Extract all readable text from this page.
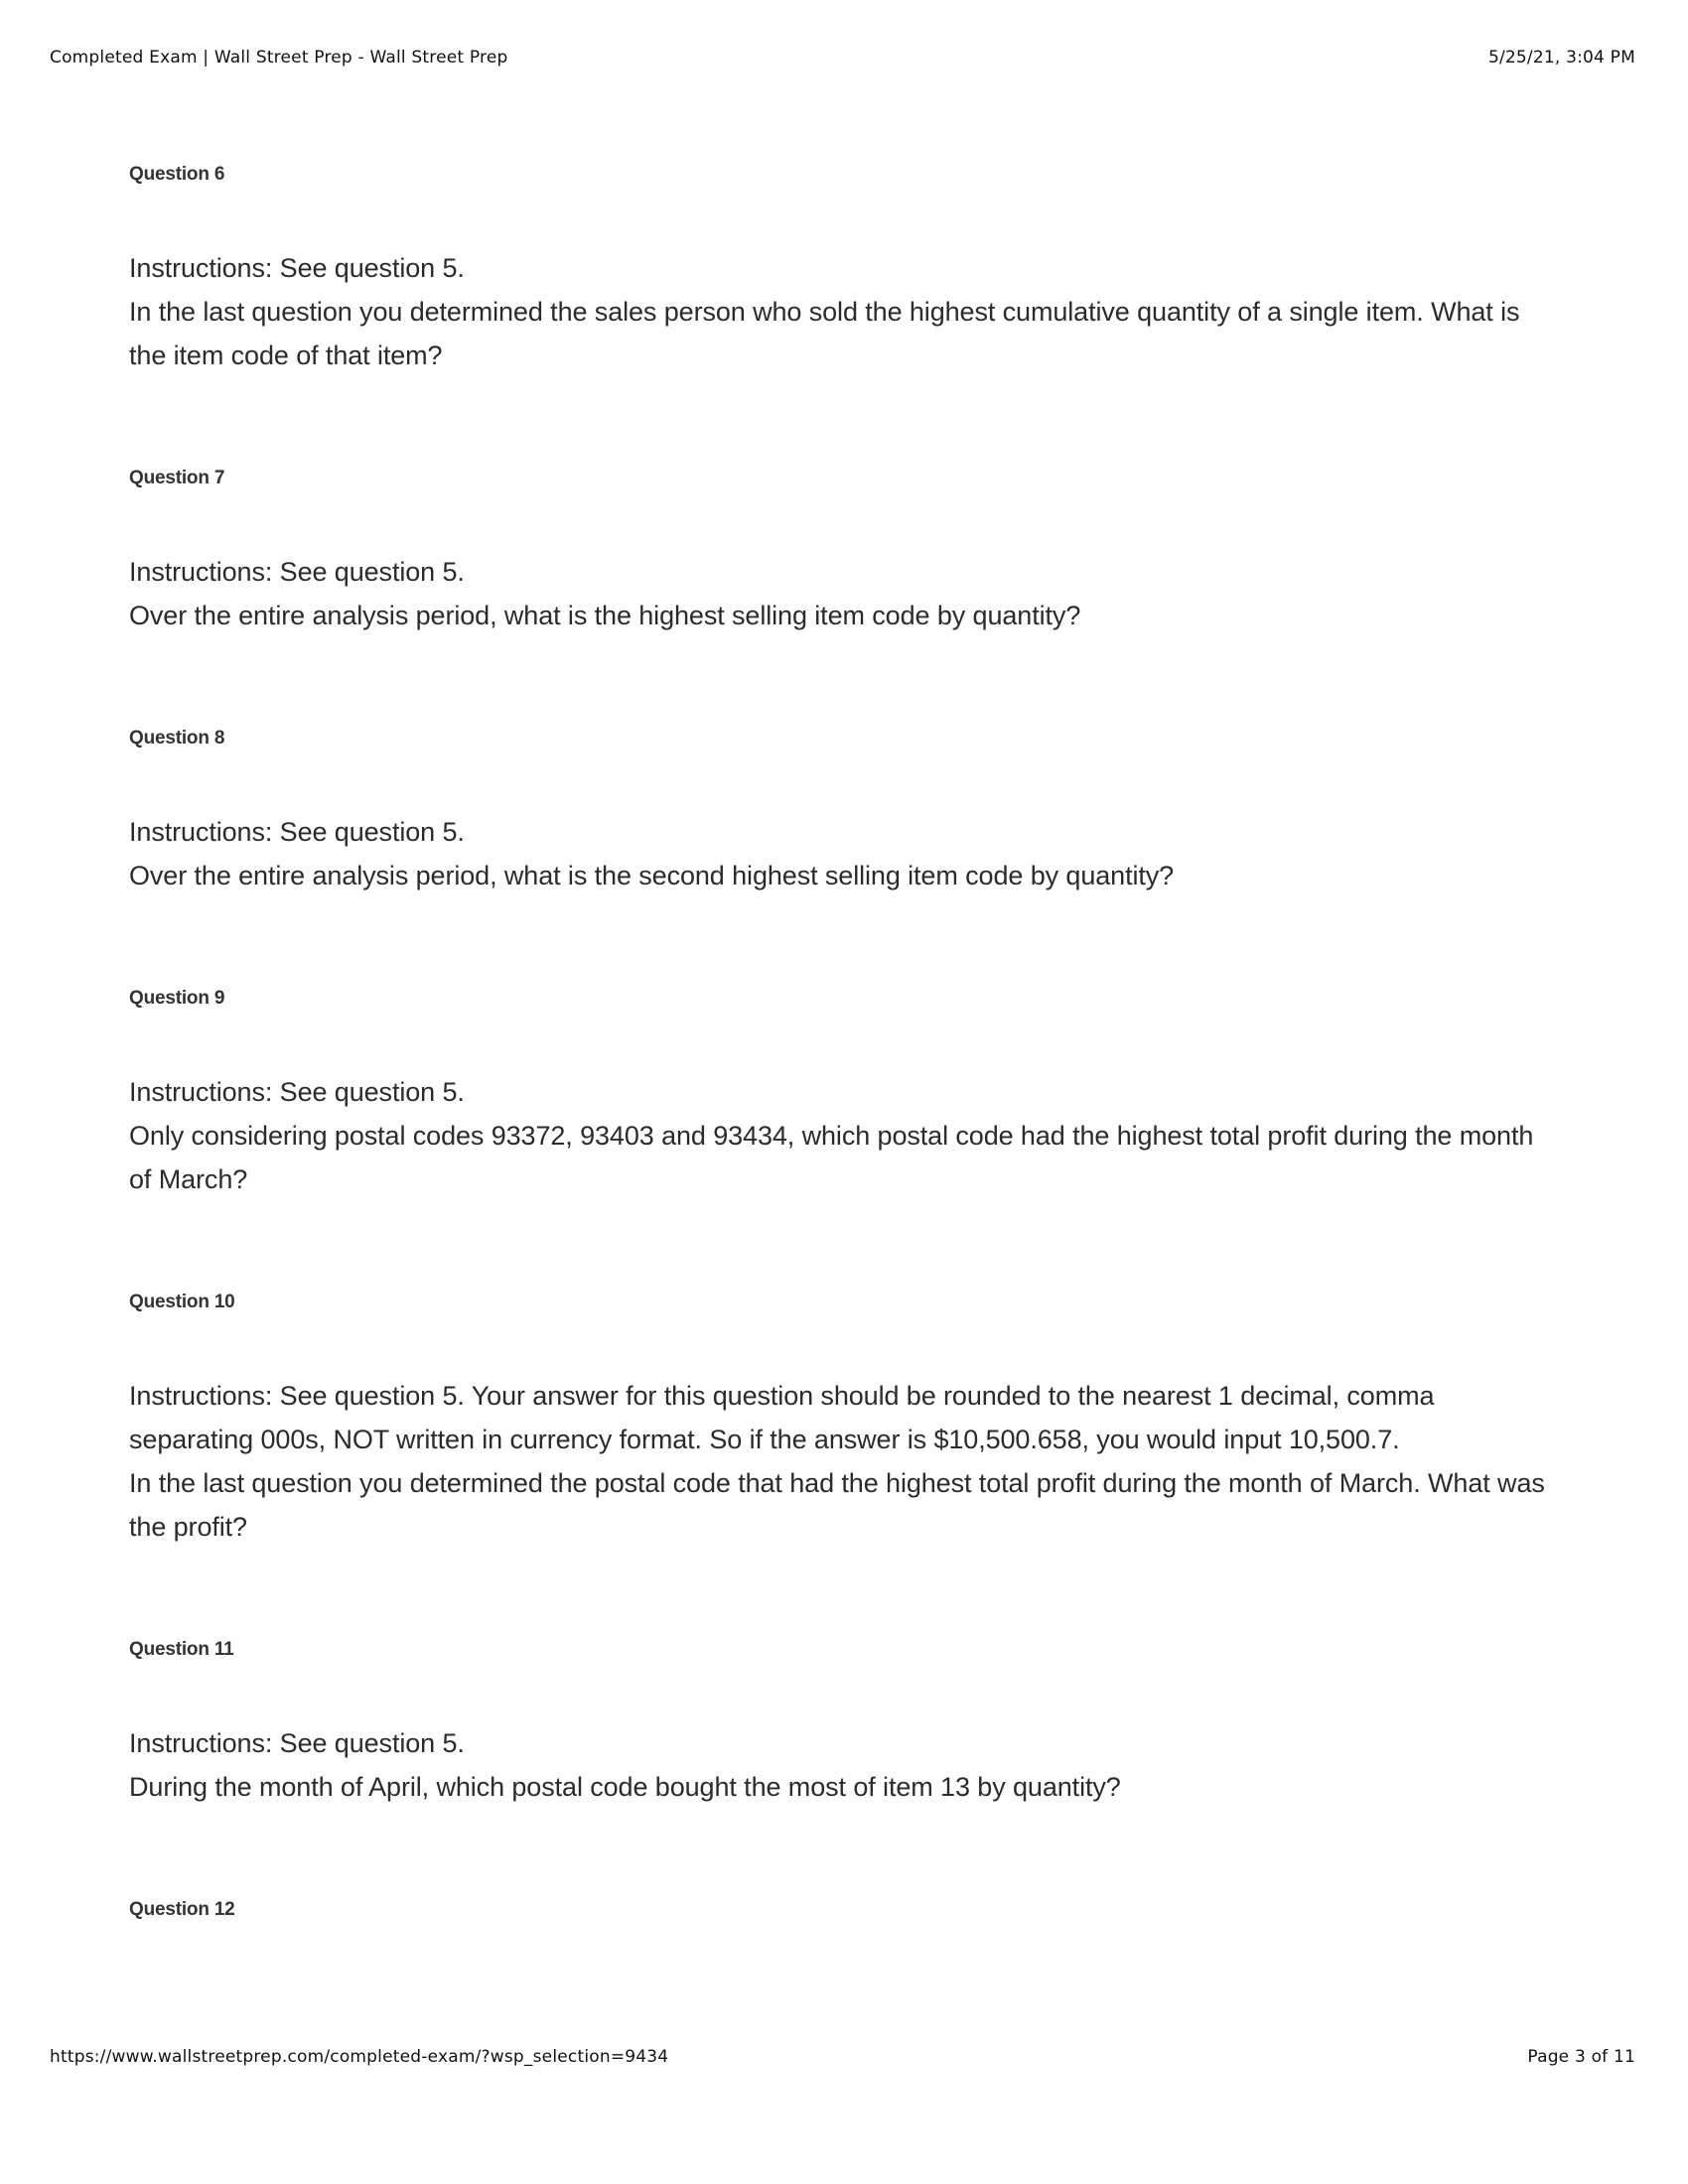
Completed Exam | Wall Street Prep - Wall Street Prep	5/25/21, 3:04 PM
Question 6

Instructions: See question 5.

In the last question you determined the sales person who sold the highest cumulative quantity of a single item. What is the item code of that item?

Question 7

Instructions: See question 5.

Over the entire analysis period, what is the highest selling item code by quantity?

Question 8

Instructions: See question 5.

Over the entire analysis period, what is the second highest selling item code by quantity?

Question 9

Instructions: See question 5.

Only considering postal codes 93372, 93403 and 93434, which postal code had the highest total profit during the month of March?

Question 10

Instructions: See question 5. Your answer for this question should be rounded to the nearest 1 decimal, comma separating 000s, NOT written in currency format. So if the answer is $10,500.658, you would input 10,500.7.

In the last question you determined the postal code that had the highest total profit during the month of March. What was the profit?

Question 11

Instructions: See question 5.

During the month of April, which postal code bought the most of item 13 by quantity?

Question 12
https://www.wallstreetprep.com/completed-exam/?wsp_selection=9434	Page 3 of 11
